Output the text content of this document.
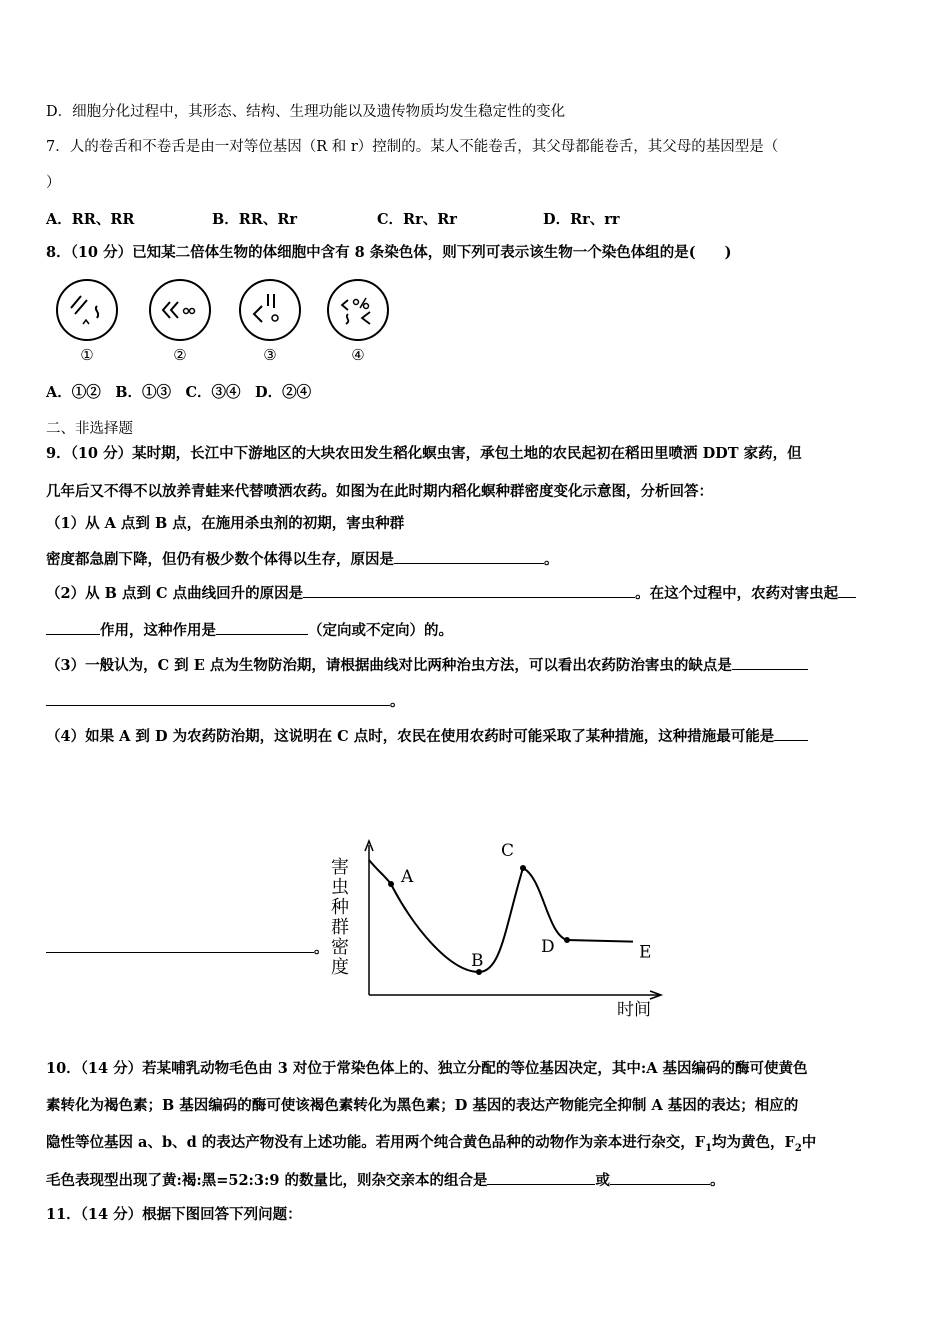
D．细胞分化过程中，其形态、结构、生理功能以及遗传物质均发生稳定性的变化
7．人的卷舌和不卷舌是由一对等位基因（R 和 r）控制的。某人不能卷舌，其父母都能卷舌，其父母的基因型是（
）
A．RR、RR	B．RR、Rr	C．Rr、Rr	D．Rr、rr
8．（10 分）已知某二倍体生物的体细胞中含有 8 条染色体，则下列可表示该生物一个染色体组的是(　　)
①	②	③	④
A．①②　B．①③　C．③④　D．②④
二、非选择题
9．（10 分）某时期，长江中下游地区的大块农田发生稻化螟虫害，承包土地的农民起初在稻田里喷洒 DDT 家药，但
几年后又不得不以放养青蛙来代替喷洒农药。如图为在此时期内稻化螟种群密度变化示意图，分析回答：
（1）从 A 点到 B 点，在施用杀虫剂的初期，害虫种群
密度都急剧下降，但仍有极少数个体得以生存，原因是	。
（2）从 B 点到 C 点曲线回升的原因是	。在这个过程中，农药对害虫起
作用，这种作用是	（定向或不定向）的。
（3）一般认为，C 到 E 点为生物防治期，请根据曲线对比两种治虫方法，可以看出农药防治害虫的缺点是
。
（4）如果 A 到 D 为农药防治期，这说明在 C 点时，农民在使用农药时可能采取了某种措施，这种措施最可能是
。
害
虫
种
群
密
度
A
B
C
D	E
时间
10．（14 分）若某哺乳动物毛色由 3 对位于常染色体上的、独立分配的等位基因决定，其中:A 基因编码的酶可使黄色
素转化为褐色素；B 基因编码的酶可使该褐色素转化为黑色素；D 基因的表达产物能完全抑制 A 基因的表达；相应的
隐性等位基因 a、b、d 的表达产物没有上述功能。若用两个纯合黄色品种的动物作为亲本进行杂交，$F_1$均为黄色，$F_2$中
毛色表现型出现了黄:褐:黑=52:3:9 的数量比，则杂交亲本的组合是	或	。
11．（14 分）根据下图回答下列问题：
